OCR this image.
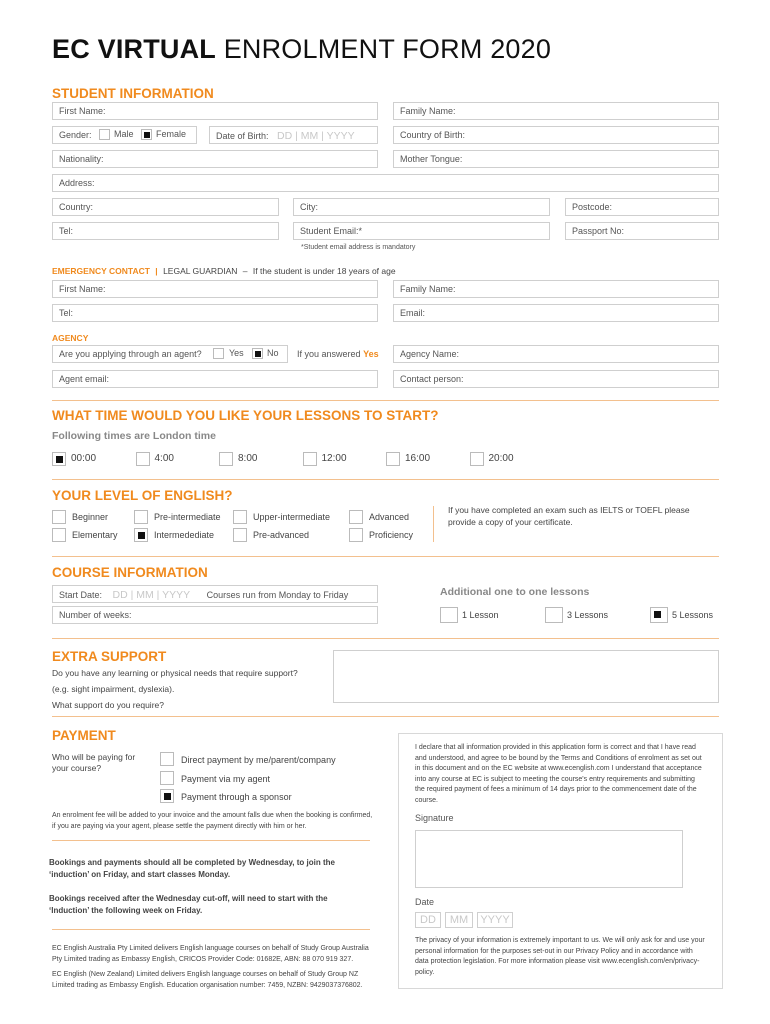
EC VIRTUAL ENROLMENT FORM 2020
STUDENT INFORMATION
First Name:	Family Name:
Gender:	Male Female	Date of Birth: DD | MM | YYYY	Country of Birth:
Nationality:	Mother Tongue:
Address:
Country:	City:	Postcode:
Tel:	Student Email:*	Passport No:
*Student email address is mandatory
EMERGENCY CONTACT | LEGAL GUARDIAN – If the student is under 18 years of age
First Name:	Family Name:
Tel:	Email:
AGENCY
Are you applying through an agent?	Yes	No If you answered Yes	Agency Name:
Agent email:	Contact person:
WHAT TIME WOULD YOU LIKE YOUR LESSONS TO START?
Following times are London time
YOUR LEVEL OF ENGLISH?
If you have completed an exam such as IELTS or TOEFL please provide a copy of your certificate.
COURSE INFORMATION
Start Date: DD | MM | YYYY Courses run from Monday to Friday
Number of weeks:
Additional one to one lessons
EXTRA SUPPORT
Do you have any learning or physical needs that require support?
(e.g. sight impairment, dyslexia).
What support do you require?
PAYMENT
Who will be paying for your course?
An enrolment fee will be added to your invoice and the amount falls due when the booking is confirmed, if you are paying via your agent, please settle the payment directly with him or her.
Bookings and payments should all be completed by Wednesday, to join the ‘induction’ on Friday, and start classes Monday.
Bookings received after the Wednesday cut-off, will need to start with the ‘Induction’ the following week on Friday.
EC English Australia Pty Limited delivers English language courses on behalf of Study Group Australia Pty Limited trading as Embassy English, CRICOS Provider Code: 01682E, ABN: 88 070 919 327.
EC English (New Zealand) Limited delivers English language courses on behalf of Study Group NZ Limited trading as Embassy English. Education organisation number: 7459, NZBN: 9429037376802.
I declare that all information provided in this application form is correct and that I have read and understood, and agree to be bound by the Terms and Conditions of enrolment as set out in this document and on the EC website at www.ecenglish.com I understand that acceptance into any course at EC is subject to meeting the course's entry requirements and submitting the required payment of fees a minimum of 14 days prior to the commencement date of the course.
Signature
Date
DD	MM	YYYY
The privacy of your information is extremely important to us. We will only ask for and use your personal information for the purposes set-out in our Privacy Policy and in accordance with data protection legislation. For more information please visit www.ecenglish.com/en/privacy-policy.
00:00	4:00	8:00	12:00	16:00	20:00
Beginner	Pre-intermediate	Upper-intermediate	Advanced
Elementary	Intermedediate	Pre-advanced	Proficiency
1 Lesson	3 Lessons	5 Lessons
Direct payment by me/parent/company
Payment via my agent
Payment through a sponsor
